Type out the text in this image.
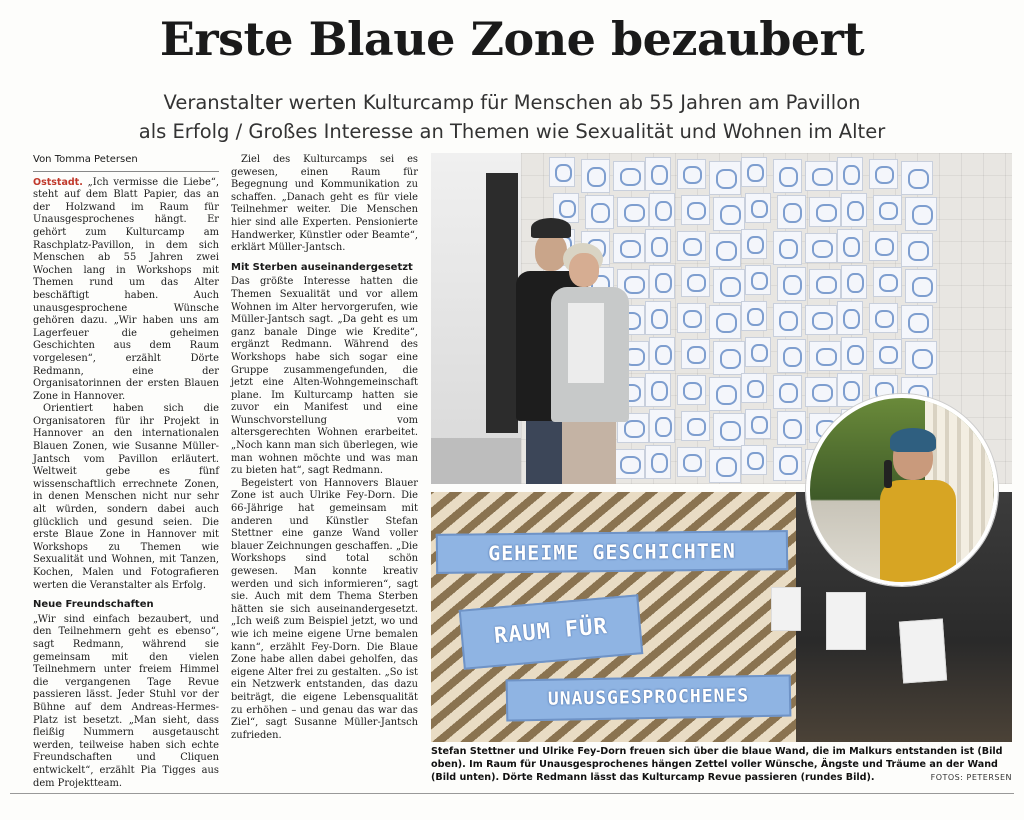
Erste Blaue Zone bezaubert
Veranstalter werten Kulturcamp für Menschen ab 55 Jahren am Pavillon
als Erfolg / Großes Interesse an Themen wie Sexualität und Wohnen im Alter
Von Tomma Petersen

Oststadt. „Ich vermisse die Liebe“, steht auf dem Blatt Papier, das an der Holzwand im Raum für Unausgesprochenes hängt. Er gehört zum Kulturcamp am Raschplatz-Pavillon, in dem sich Menschen ab 55 Jahren zwei Wochen lang in Workshops mit Themen rund um das Alter beschäftigt haben. Auch unausgesprochene Wünsche gehören dazu. „Wir haben uns am Lagerfeuer die geheimen Geschichten aus dem Raum vorgelesen“, erzählt Dörte Redmann, eine der Organisatorinnen der ersten Blauen Zone in Hannover.

Orientiert haben sich die Organisatoren für ihr Projekt in Hannover an den internationalen Blauen Zonen, wie Susanne Müller-Jantsch vom Pavillon erläutert. Weltweit gebe es fünf wissenschaftlich errechnete Zonen, in denen Menschen nicht nur sehr alt würden, sondern dabei auch glücklich und gesund seien. Die erste Blaue Zone in Hannover mit Workshops zu Themen wie Sexualität und Wohnen, mit Tanzen, Kochen, Malen und Fotografieren werten die Veranstalter als Erfolg.

Neue Freundschaften

„Wir sind einfach bezaubert, und den Teilnehmern geht es ebenso“, sagt Redmann, während sie gemeinsam mit den vielen Teilnehmern unter freiem Himmel die vergangenen Tage Revue passieren lässt. Jeder Stuhl vor der Bühne auf dem Andreas-Hermes-Platz ist besetzt. „Man sieht, dass fleißig Nummern ausgetauscht werden, teilweise haben sich echte Freundschaften und Cliquen entwickelt“, erzählt Pia Tigges aus dem Projektteam.

Ziel des Kulturcamps sei es gewesen, einen Raum für Begegnung und Kommunikation zu schaffen. „Danach geht es für viele Teilnehmer weiter. Die Menschen hier sind alle Experten. Pensionierte Handwerker, Künstler oder Beamte“, erklärt Müller-Jantsch.

Mit Sterben auseinandergesetzt

Das größte Interesse hatten die Themen Sexualität und vor allem Wohnen im Alter hervorgerufen, wie Müller-Jantsch sagt. „Da geht es um ganz banale Dinge wie Kredite“, ergänzt Redmann. Während des Workshops habe sich sogar eine Gruppe zusammengefunden, die jetzt eine Alten-Wohngemeinschaft plane. Im Kulturcamp hatten sie zuvor ein Manifest und eine Wunschvorstellung vom altersgerechten Wohnen erarbeitet. „Noch kann man sich überlegen, wie man wohnen möchte und was man zu bieten hat“, sagt Redmann.

Begeistert von Hannovers Blauer Zone ist auch Ulrike Fey-Dorn. Die 66-Jährige hat gemeinsam mit anderen und Künstler Stefan Stettner eine ganze Wand voller blauer Zeichnungen geschaffen. „Die Workshops sind total schön gewesen. Man konnte kreativ werden und sich informieren“, sagt sie. Auch mit dem Thema Sterben hätten sie sich auseinandergesetzt. „Ich weiß zum Beispiel jetzt, wo und wie ich meine eigene Urne bemalen kann“, erzählt Fey-Dorn. Die Blaue Zone habe allen dabei geholfen, das eigene Alter frei zu gestalten. „So ist ein Netzwerk entstanden, das dazu beiträgt, die eigene Lebensqualität zu erhöhen – und genau das war das Ziel“, sagt Susanne Müller-Jantsch zufrieden.

GEHEIME GESCHICHTEN
RAUM FÜR
UNAUSGESPROCHENES
Stefan Stettner und Ulrike Fey-Dorn freuen sich über die blaue Wand, die im Malkurs entstanden ist (Bild oben). Im Raum für Unausgesprochenes hängen Zettel voller Wünsche, Ängste und Träume an der Wand (Bild unten). Dörte Redmann lässt das Kulturcamp Revue passieren (rundes Bild).	FOTOS: PETERSEN
